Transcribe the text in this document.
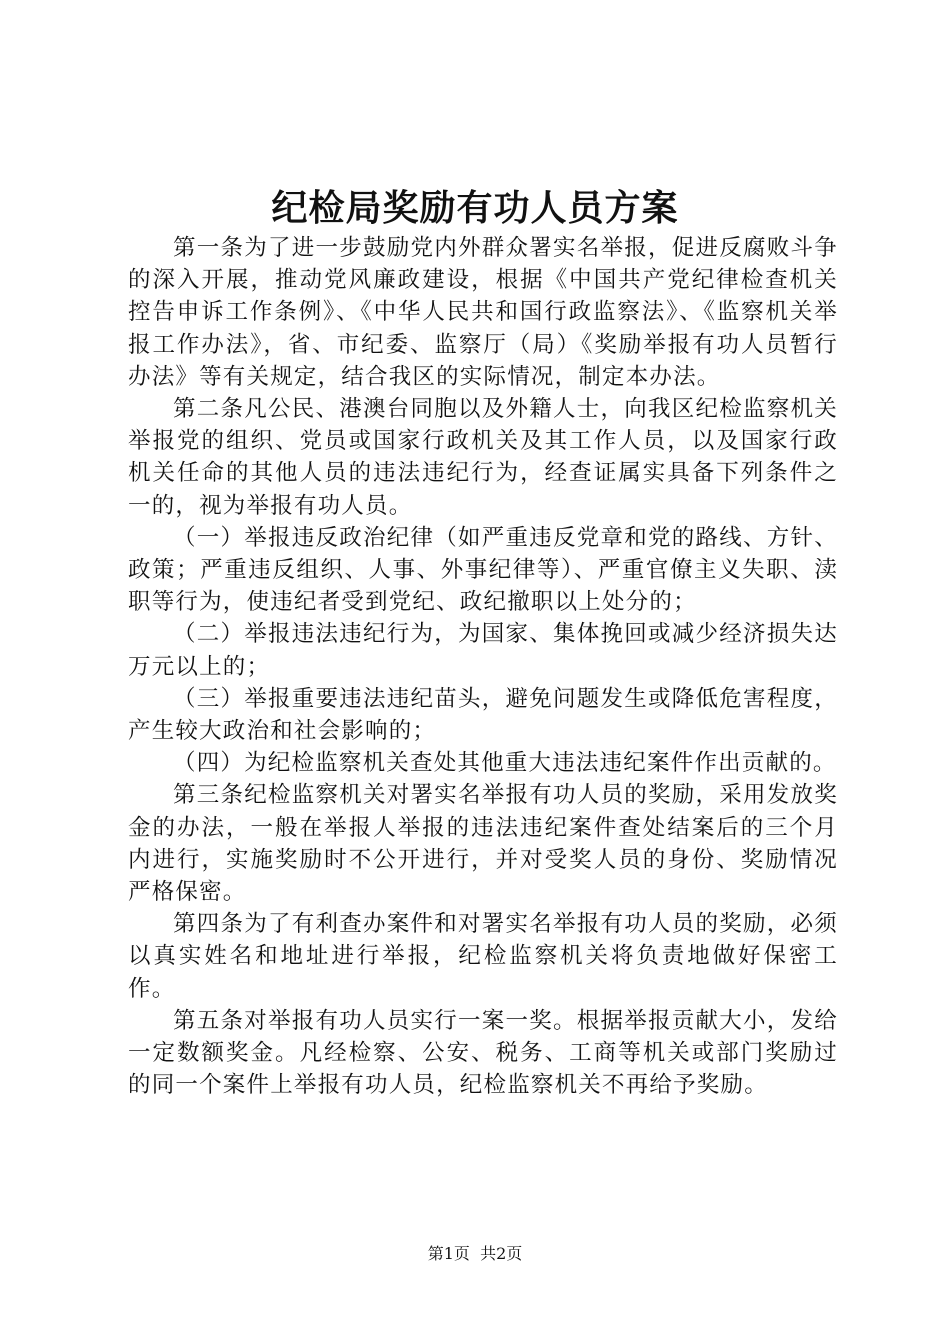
纪检局奖励有功人员方案

第一条为了进一步鼓励党内外群众署实名举报，促进反腐败斗争的深入开展，推动党风廉政建设，根据《中国共产党纪律检查机关控告申诉工作条例》、《中华人民共和国行政监察法》、《监察机关举报工作办法》，省、市纪委、监察厅（局）《奖励举报有功人员暂行办法》等有关规定，结合我区的实际情况，制定本办法。

第二条凡公民、港澳台同胞以及外籍人士，向我区纪检监察机关举报党的组织、党员或国家行政机关及其工作人员，以及国家行政机关任命的其他人员的违法违纪行为，经查证属实具备下列条件之一的，视为举报有功人员。

（一）举报违反政治纪律（如严重违反党章和党的路线、方针、政策；严重违反组织、人事、外事纪律等）、严重官僚主义失职、渎职等行为，使违纪者受到党纪、政纪撤职以上处分的；

（二）举报违法违纪行为，为国家、集体挽回或减少经济损失达万元以上的；

（三）举报重要违法违纪苗头，避免问题发生或降低危害程度，产生较大政治和社会影响的；

（四）为纪检监察机关查处其他重大违法违纪案件作出贡献的。

第三条纪检监察机关对署实名举报有功人员的奖励，采用发放奖金的办法，一般在举报人举报的违法违纪案件查处结案后的三个月内进行，实施奖励时不公开进行，并对受奖人员的身份、奖励情况严格保密。

第四条为了有利查办案件和对署实名举报有功人员的奖励，必须以真实姓名和地址进行举报，纪检监察机关将负责地做好保密工作。

第五条对举报有功人员实行一案一奖。根据举报贡献大小，发给一定数额奖金。凡经检察、公安、税务、工商等机关或部门奖励过的同一个案件上举报有功人员，纪检监察机关不再给予奖励。

第1页 共2页
